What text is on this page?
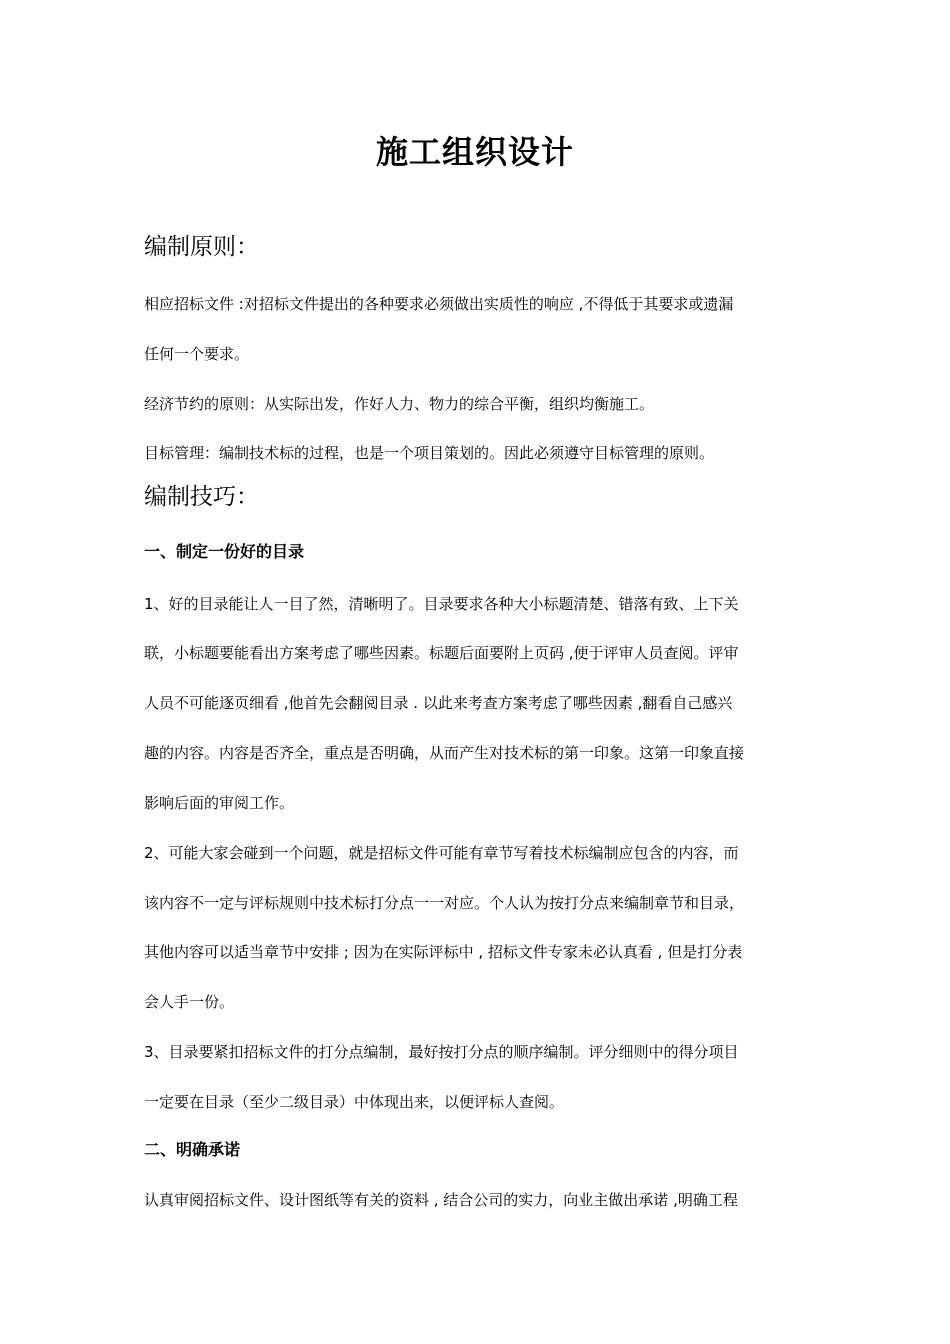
施工组织设计
编制原则：
相应招标文件 :对招标文件提出的各种要求必须做出实质性的响应 ,不得低于其要求或遗漏
任何一个要求。
经济节约的原则：从实际出发，作好人力、物力的综合平衡，组织均衡施工。
目标管理：编制技术标的过程，也是一个项目策划的。因此必须遵守目标管理的原则。
编制技巧：
一、制定一份好的目录
1、好的目录能让人一目了然，清晰明了。目录要求各种大小标题清楚、错落有致、上下关
联，小标题要能看出方案考虑了哪些因素。标题后面要附上页码 ,便于评审人员查阅。评审
人员不可能逐页细看 ,他首先会翻阅目录 . 以此来考查方案考虑了哪些因素 ,翻看自己感兴
趣的内容。内容是否齐全，重点是否明确，从而产生对技术标的第一印象。这第一印象直接
影响后面的审阅工作。
2、可能大家会碰到一个问题，就是招标文件可能有章节写着技术标编制应包含的内容，而
该内容不一定与评标规则中技术标打分点一一对应。个人认为按打分点来编制章节和目录，
其他内容可以适当章节中安排 ; 因为在实际评标中 , 招标文件专家未必认真看 , 但是打分表
会人手一份。
3、目录要紧扣招标文件的打分点编制，最好按打分点的顺序编制。评分细则中的得分项目
一定要在目录（至少二级目录）中体现出来，以便评标人查阅。
二、明确承诺
认真审阅招标文件、设计图纸等有关的资料 , 结合公司的实力，向业主做出承诺 ,明确工程
